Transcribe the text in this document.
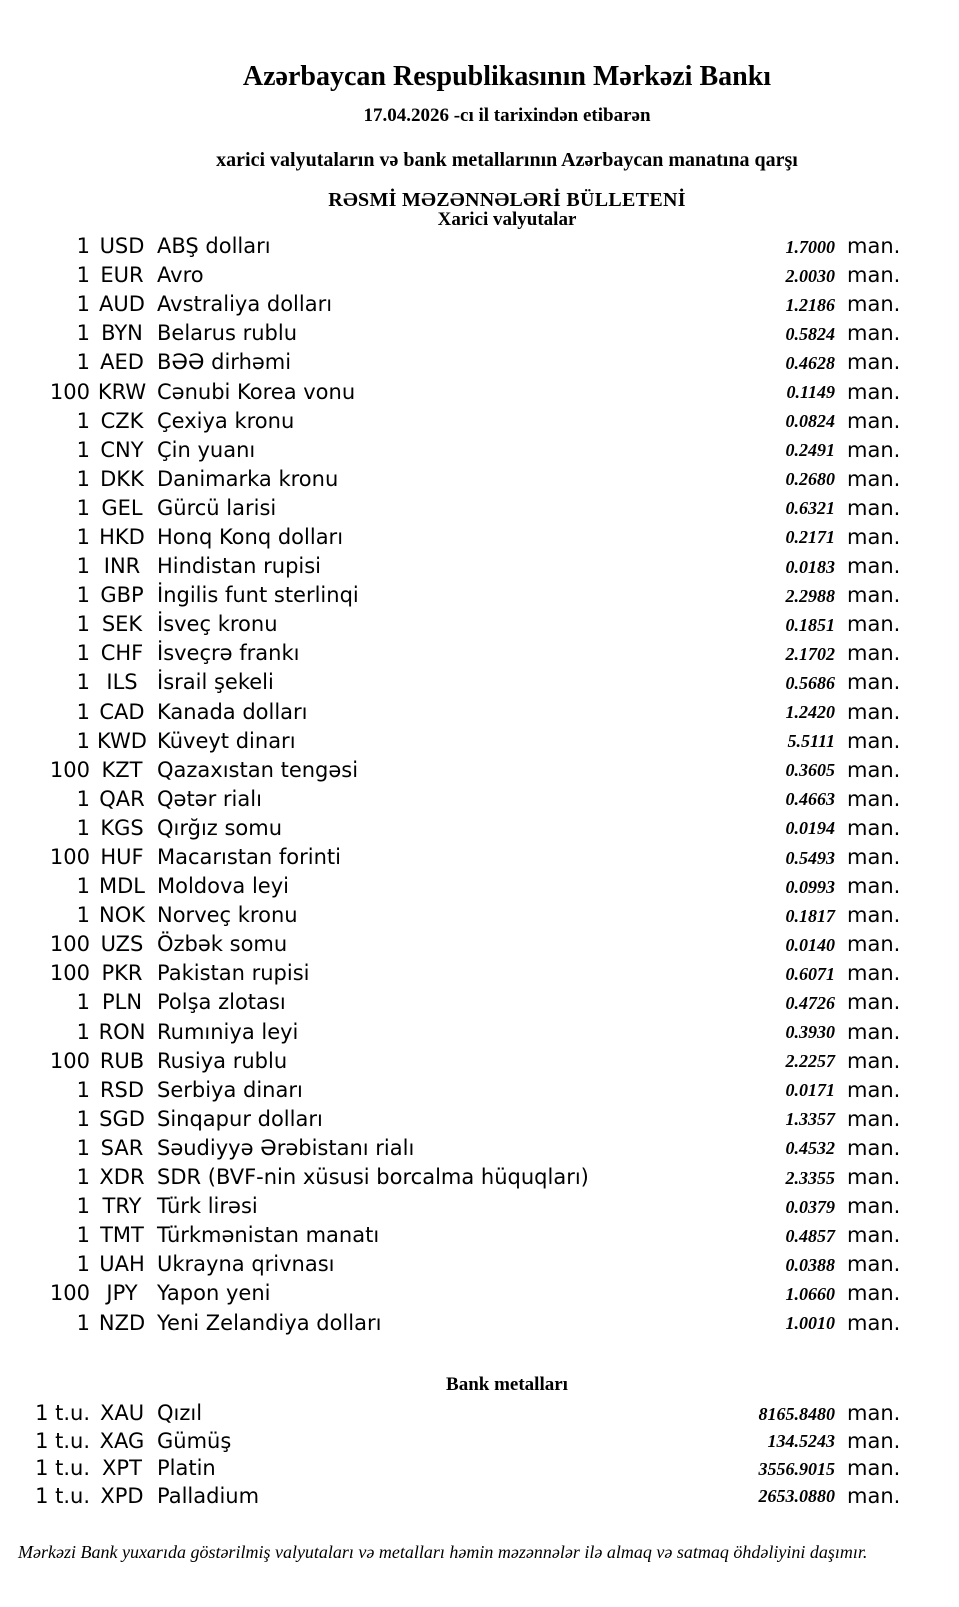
Azərbaycan Respublikasının Mərkəzi Bankı
17.04.2026 -cı il tarixindən etibarən
xarici valyutaların və bank metallarının Azərbaycan manatına qarşı
RƏSMİ MƏZƏNNƏLƏRİ BÜLLETENİ
Xarici valyutalar
1 USD ABŞ dolları	1.7000 man.
1 EUR Avro	2.0030 man.
1 AUD Avstraliya dolları	1.2186 man.
1 BYN Belarus rublu	0.5824 man.
1 AED BƏƏ dirhəmi	0.4628 man.
100 KRW Cənubi Korea vonu	0.1149 man.
1 CZK Çexiya kronu	0.0824 man.
1 CNY Çin yuanı	0.2491 man.
1 DKK Danimarka kronu	0.2680 man.
1 GEL Gürcü larisi	0.6321 man.
1 HKD Honq Konq dolları	0.2171 man.
1 INR Hindistan rupisi	0.0183 man.
1 GBP İngilis funt sterlinqi	2.2988 man.
1 SEK İsveç kronu	0.1851 man.
1 CHF İsveçrə frankı	2.1702 man.
1 ILS İsrail şekeli	0.5686 man.
1 CAD Kanada dolları	1.2420 man.
1 KWD Küveyt dinarı	5.5111 man.
100 KZT Qazaxıstan tengəsi	0.3605 man.
1 QAR Qətər rialı	0.4663 man.
1 KGS Qırğız somu	0.0194 man.
100 HUF Macarıstan forinti	0.5493 man.
1 MDL Moldova leyi	0.0993 man.
1 NOK Norveç kronu	0.1817 man.
100 UZS Özbək somu	0.0140 man.
100 PKR Pakistan rupisi	0.6071 man.
1 PLN Polşa zlotası	0.4726 man.
1 RON Rumıniya leyi	0.3930 man.
100 RUB Rusiya rublu	2.2257 man.
1 RSD Serbiya dinarı	0.0171 man.
1 SGD Sinqapur dolları	1.3357 man.
1 SAR Səudiyyə Ərəbistanı rialı	0.4532 man.
1 XDR SDR (BVF-nin xüsusi borcalma hüquqları)	2.3355 man.
1 TRY Türk lirəsi	0.0379 man.
1 TMT Türkmənistan manatı	0.4857 man.
1 UAH Ukrayna qrivnası	0.0388 man.
100 JPY Yapon yeni	1.0660 man.
1 NZD Yeni Zelandiya dolları	1.0010 man.
Bank metalları
1 t.u. XAU Qızıl	8165.8480 man.
1 t.u. XAG Gümüş	134.5243 man.
1 t.u. XPT Platin	3556.9015 man.
1 t.u. XPD Palladium	2653.0880 man.
Mərkəzi Bank yuxarıda göstərilmiş valyutaları və metalları həmin məzənnələr ilə almaq və satmaq öhdəliyini daşımır.
